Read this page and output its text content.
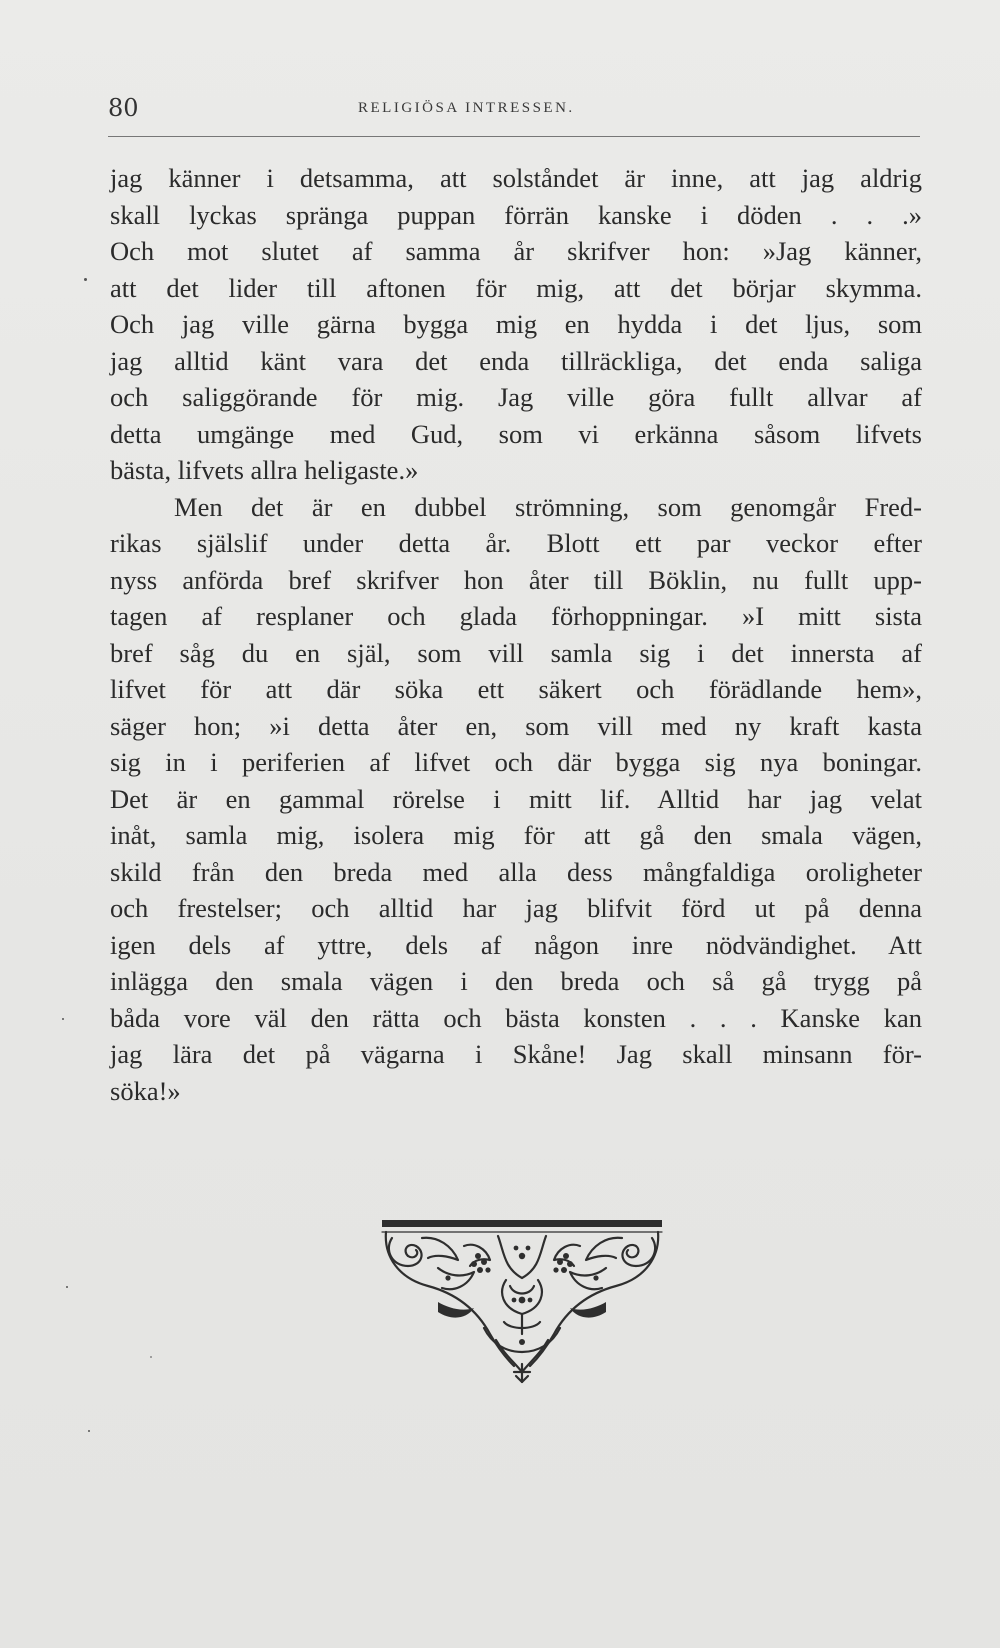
80	RELIGIÖSA INTRESSEN.
jag känner i detsamma, att solståndet är inne, att jag aldrig
skall lyckas spränga puppan förrän kanske i döden . . .»
Och mot slutet af samma år skrifver hon: »Jag känner,
att det lider till aftonen för mig, att det börjar skymma.
Och jag ville gärna bygga mig en hydda i det ljus, som
jag alltid känt vara det enda tillräckliga, det enda saliga
och saliggörande för mig. Jag ville göra fullt allvar af
detta umgänge med Gud, som vi erkänna såsom lifvets
bästa, lifvets allra heligaste.»
Men det är en dubbel strömning, som genomgår Fred-
rikas själslif under detta år. Blott ett par veckor efter
nyss anförda bref skrifver hon åter till Böklin, nu fullt upp-
tagen af resplaner och glada förhoppningar. »I mitt sista
bref såg du en själ, som vill samla sig i det innersta af
lifvet för att där söka ett säkert och förädlande hem»,
säger hon; »i detta åter en, som vill med ny kraft kasta
sig in i periferien af lifvet och där bygga sig nya boningar.
Det är en gammal rörelse i mitt lif. Alltid har jag velat
inåt, samla mig, isolera mig för att gå den smala vägen,
skild från den breda med alla dess mångfaldiga oroligheter
och frestelser; och alltid har jag blifvit förd ut på denna
igen dels af yttre, dels af någon inre nödvändighet. Att
inlägga den smala vägen i den breda och så gå trygg på
båda vore väl den rätta och bästa konsten . . . Kanske kan
jag lära det på vägarna i Skåne! Jag skall minsann för-
söka!»
